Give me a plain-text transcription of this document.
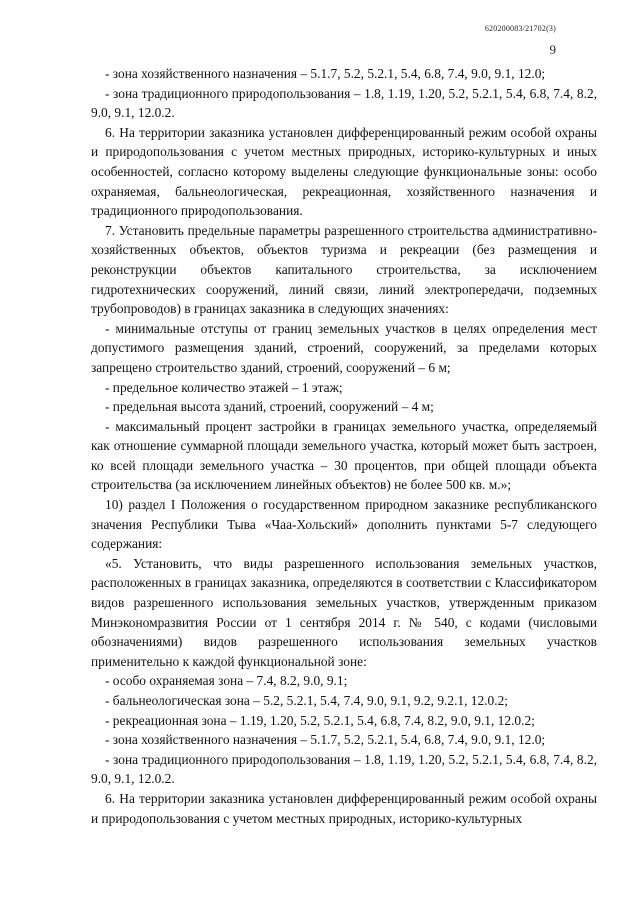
620200083/21702(3)
9

- зона хозяйственного назначения – 5.1.7, 5.2, 5.2.1, 5.4, 6.8, 7.4, 9.0, 9.1, 12.0;

- зона традиционного природопользования – 1.8, 1.19, 1.20, 5.2, 5.2.1, 5.4, 6.8, 7.4, 8.2, 9.0, 9.1, 12.0.2.

6. На территории заказника установлен дифференцированный режим особой охраны и природопользования с учетом местных природных, историко-культурных и иных особенностей, согласно которому выделены следующие функциональные зоны: особо охраняемая, бальнеологическая, рекреационная, хозяйственного назначения и традиционного природопользования.

7. Установить предельные параметры разрешенного строительства административно-хозяйственных объектов, объектов туризма и рекреации (без размещения и реконструкции объектов капитального строительства, за исключением гидротехнических сооружений, линий связи, линий электропередачи, подземных трубопроводов) в границах заказника в следующих значениях:

- минимальные отступы от границ земельных участков в целях определения мест допустимого размещения зданий, строений, сооружений, за пределами которых запрещено строительство зданий, строений, сооружений – 6 м;

- предельное количество этажей – 1 этаж;

- предельная высота зданий, строений, сооружений – 4 м;

- максимальный процент застройки в границах земельного участка, определяемый как отношение суммарной площади земельного участка, который может быть застроен, ко всей площади земельного участка – 30 процентов, при общей площади объекта строительства (за исключением линейных объектов) не более 500 кв. м.»;

10) раздел I Положения о государственном природном заказнике республиканского значения Республики Тыва «Чаа-Хольский» дополнить пунктами 5-7 следующего содержания:

«5. Установить, что виды разрешенного использования земельных участков, расположенных в границах заказника, определяются в соответствии с Классификатором видов разрешенного использования земельных участков, утвержденным приказом Минэкономразвития России от 1 сентября 2014 г. № 540, с кодами (числовыми обозначениями) видов разрешенного использования земельных участков применительно к каждой функциональной зоне:

- особо охраняемая зона – 7.4, 8.2, 9.0, 9.1;

- бальнеологическая зона – 5.2, 5.2.1, 5.4, 7.4, 9.0, 9.1, 9.2, 9.2.1, 12.0.2;

- рекреационная зона – 1.19, 1.20, 5.2, 5.2.1, 5.4, 6.8, 7.4, 8.2, 9.0, 9.1, 12.0.2;

- зона хозяйственного назначения – 5.1.7, 5.2, 5.2.1, 5.4, 6.8, 7.4, 9.0, 9.1, 12.0;

- зона традиционного природопользования – 1.8, 1.19, 1.20, 5.2, 5.2.1, 5.4, 6.8, 7.4, 8.2, 9.0, 9.1, 12.0.2.

6. На территории заказника установлен дифференцированный режим особой охраны и природопользования с учетом местных природных, историко-культурных
